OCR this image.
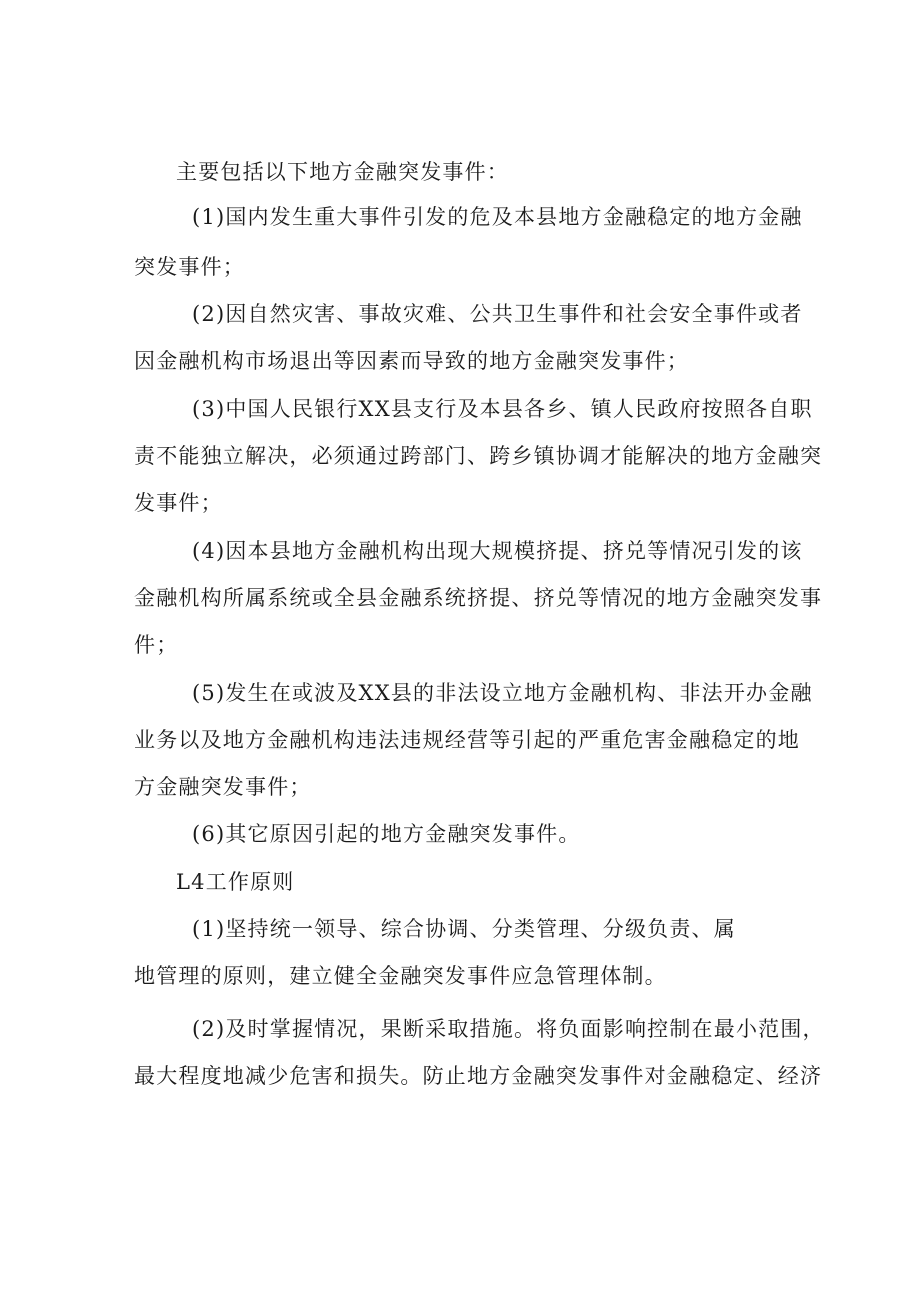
主要包括以下地方金融突发事件：
(1)国内发生重大事件引发的危及本县地方金融稳定的地方金融
突发事件；
(2)因自然灾害、事故灾难、公共卫生事件和社会安全事件或者
因金融机构市场退出等因素而导致的地方金融突发事件；
(3)中国人民银行XX县支行及本县各乡、镇人民政府按照各自职
责不能独立解决，必须通过跨部门、跨乡镇协调才能解决的地方金融突
发事件；
(4)因本县地方金融机构出现大规模挤提、挤兑等情况引发的该
金融机构所属系统或全县金融系统挤提、挤兑等情况的地方金融突发事
件；
(5)发生在或波及XX县的非法设立地方金融机构、非法开办金融
业务以及地方金融机构违法违规经营等引起的严重危害金融稳定的地
方金融突发事件；
(6)其它原因引起的地方金融突发事件。
L4工作原则
(1)坚持统一领导、综合协调、分类管理、分级负责、属
地管理的原则，建立健全金融突发事件应急管理体制。
(2)及时掌握情况，果断采取措施。将负面影响控制在最小范围，
最大程度地减少危害和损失。防止地方金融突发事件对金融稳定、经济
